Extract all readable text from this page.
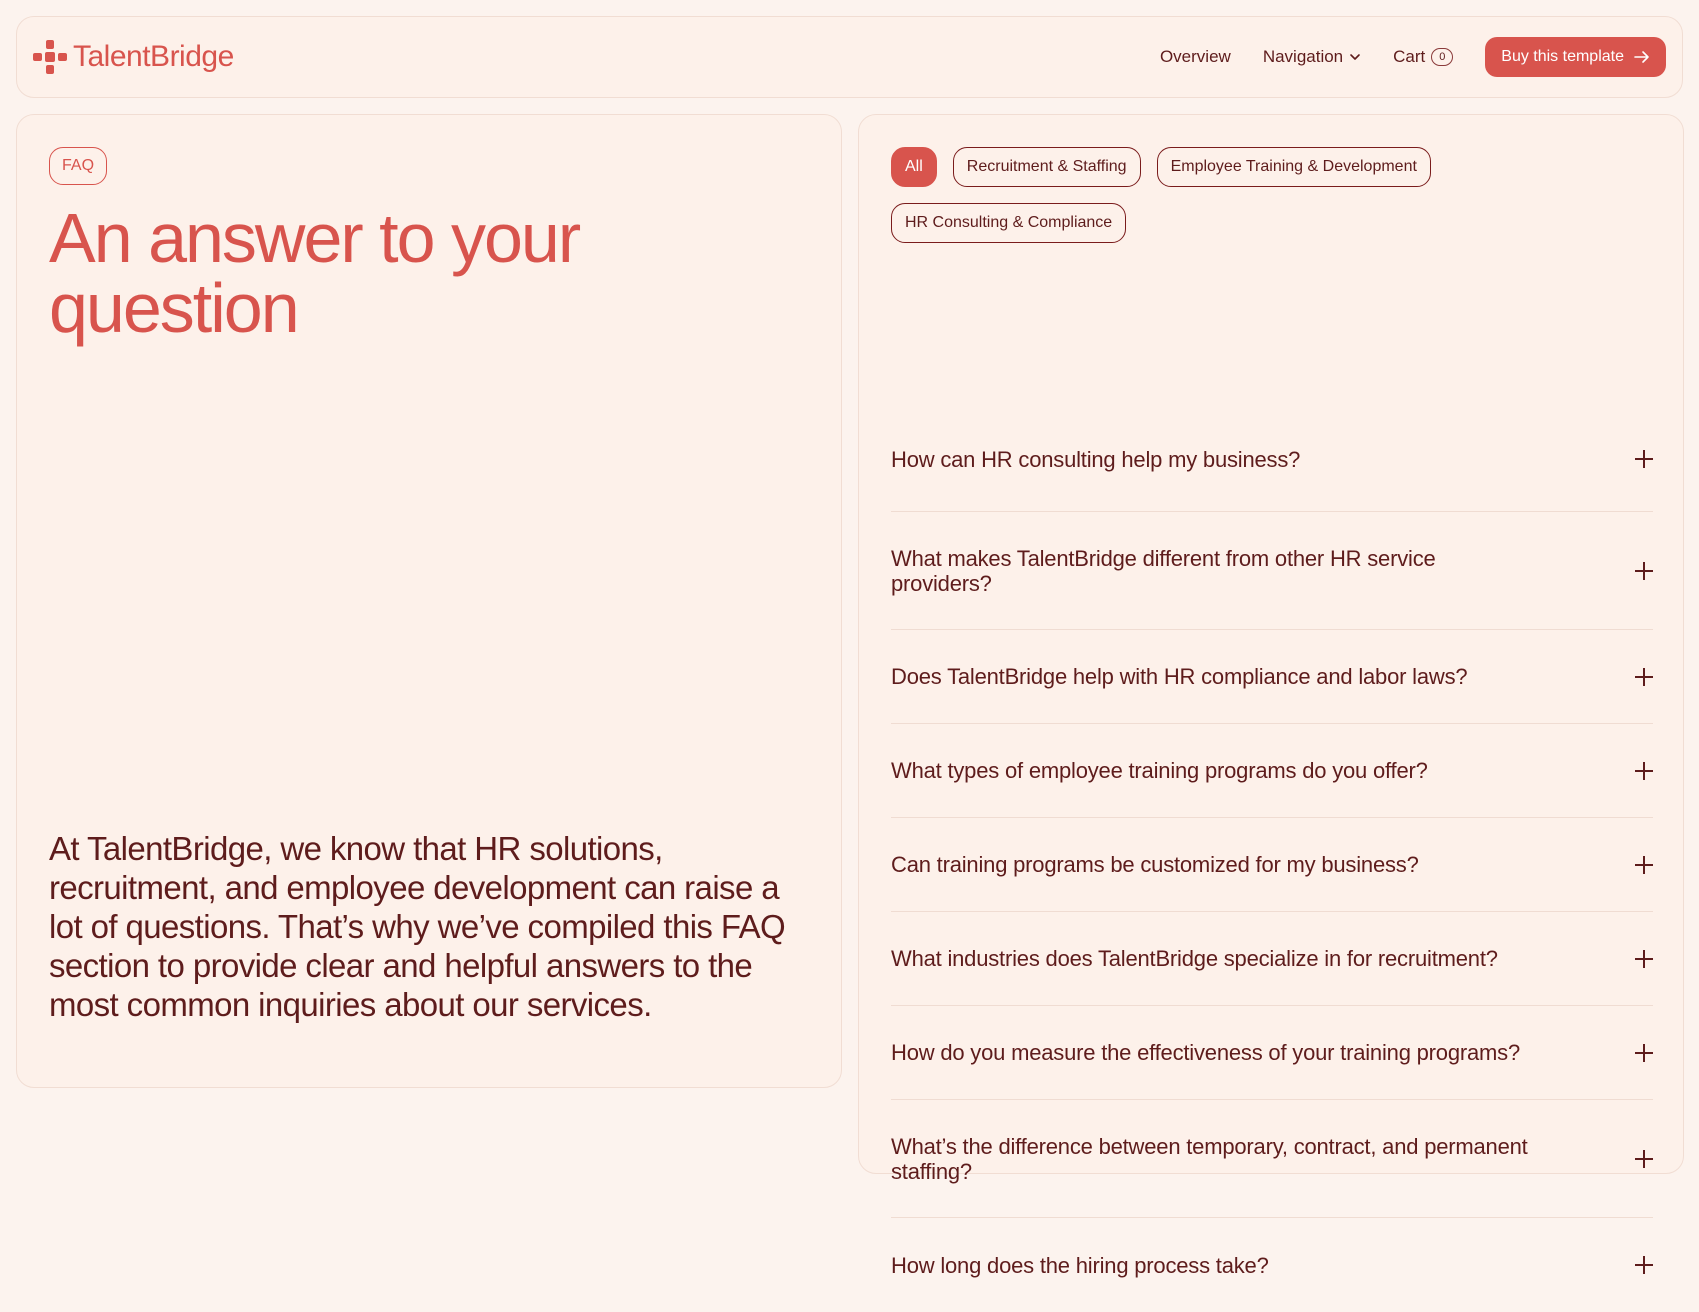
TalentBridge	Overview Navigation	Cart	0	Buy this template
FAQ
An answer to your question

At TalentBridge, we know that HR solutions, recruitment, and employee development can raise a lot of questions. That’s why we’ve compiled this FAQ section to provide clear and helpful answers to the most common inquiries about our services.

All	Recruitment & Staffing	Employee Training & Development
HR Consulting & Compliance
How can HR consulting help my business?
What makes TalentBridge different from other HR service providers?
Does TalentBridge help with HR compliance and labor laws?
What types of employee training programs do you offer?
Can training programs be customized for my business?
What industries does TalentBridge specialize in for recruitment?
How do you measure the effectiveness of your training programs?
What’s the difference between temporary, contract, and permanent staffing?
How long does the hiring process take?
